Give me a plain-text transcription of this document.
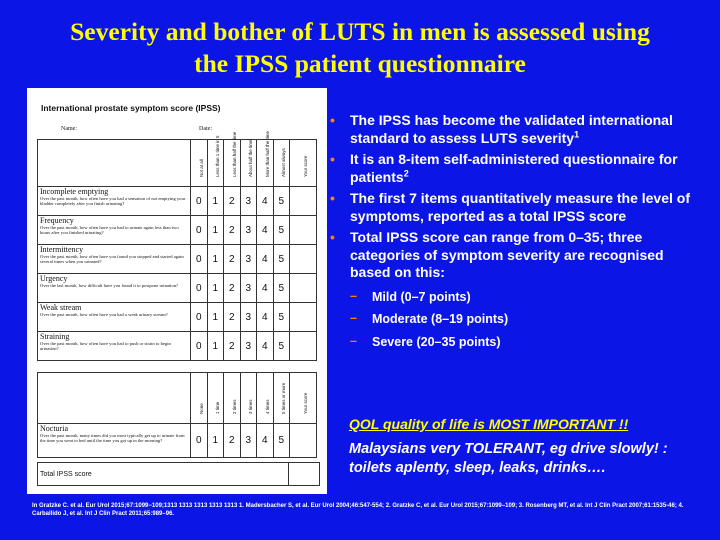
Severity and bother of LUTS in men is assessed using
the IPSS patient questionnaire
International prostate symptom score (IPSS)
Name:	Date:

	Not at all	Less than 1 time in 5	Less than half the time	About half the time	More than half the time	Almost always	Your score

Incomplete emptying
Over the past month, how often have you had a sensation of not emptying your bladder completely after you finish urinating?	0	1	2	3	4	5	

Frequency
Over the past month, how often have you had to urinate again less than two hours after you finished urinating?	0	1	2	3	4	5	

Intermittency
Over the past month, how often have you found you stopped and started again several times when you urinated?	0	1	2	3	4	5	

Urgency
Over the last month, how difficult have you found it to postpone urination?	0	1	2	3	4	5	

Weak stream
Over the past month, how often have you had a weak urinary stream?	0	1	2	3	4	5	

Straining
Over the past month, how often have you had to push or strain to begin urination?	0	1	2	3	4	5	

	None	1 time	2 times	3 times	4 times	5 times or more	Your score

Nocturia
Over the past month, many times did you most typically get up to urinate from the time you went to bed until the time you got up in the morning?	0	1	2	3	4	5	
Total IPSS score	
• The IPSS has become the validated international standard to assess LUTS severity$^1$
• It is an 8-item self-administered questionnaire for patients$^2$
• The first 7 items quantitatively measure the level of symptoms, reported as a total IPSS score
• Total IPSS score can range from 0–35; three categories of symptom severity are recognised based on this:
– Mild (0–7 points)
– Moderate (8–19 points)
– Severe (20–35 points)
QOL quality of life is MOST IMPORTANT !!
Malaysians very TOLERANT, eg drive slowly! : toilets aplenty, sleep, leaks, drinks….
In Gratzke C. et al. Eur Urol 2015;67:1099−109;1313 1313 1313 1313 1313 1. Madersbacher S, et al. Eur Urol 2004;46:547-554; 2. Gratzke C, et al. Eur Urol 2015;67:1099–109; 3. Rosenberg MT, et al. Int J Clin Pract 2007;61:1535-46; 4. Carballido J, et al. Int J Clin Pract 2011;65:989–96.
